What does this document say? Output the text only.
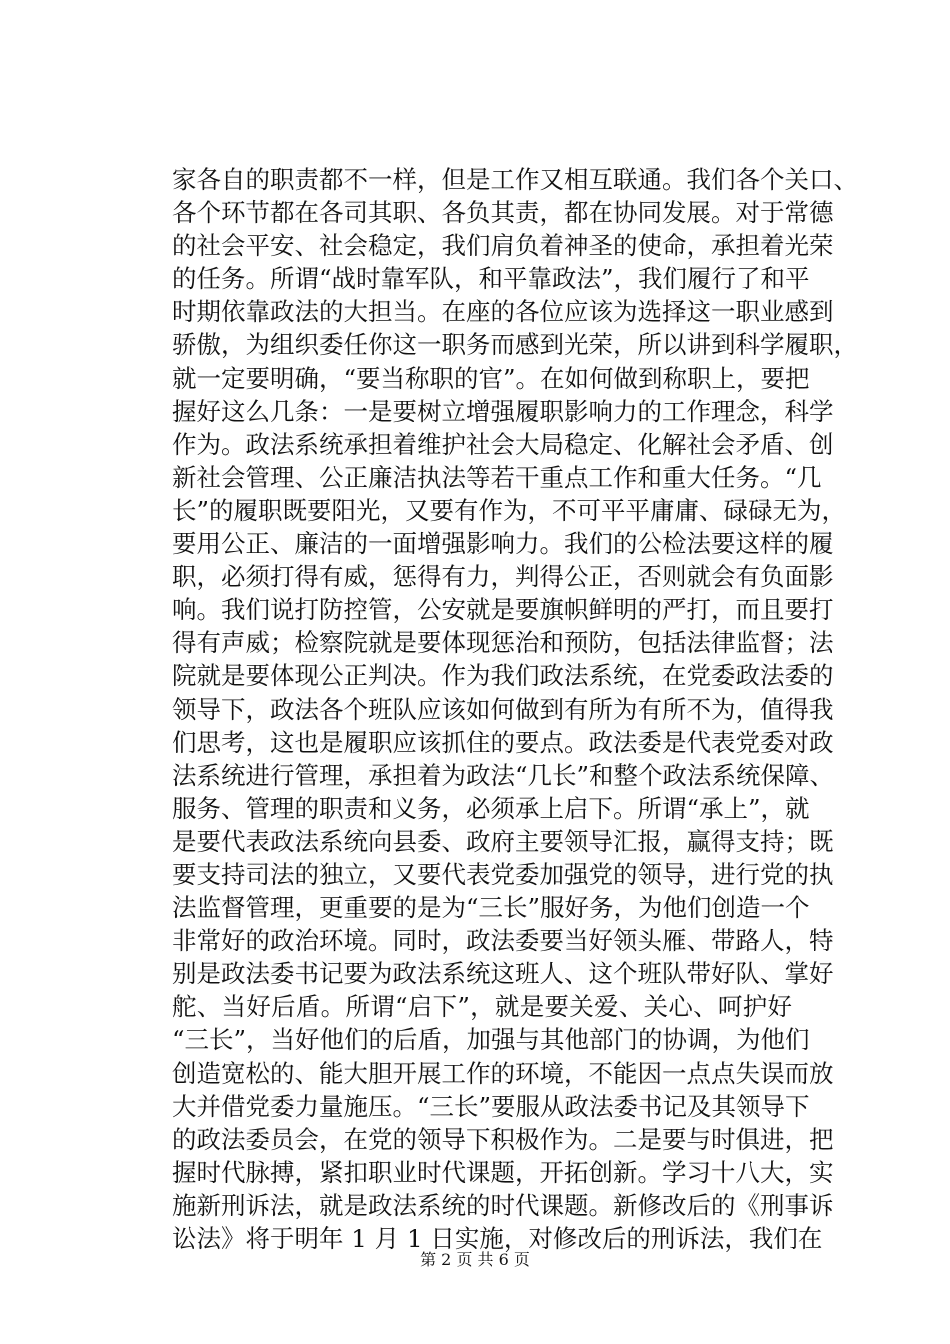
家各自的职责都不一样，但是工作又相互联通。我们各个关口、
各个环节都在各司其职、各负其责，都在协同发展。对于常德
的社会平安、社会稳定，我们肩负着神圣的使命，承担着光荣
的任务。所谓“战时靠军队，和平靠政法”，我们履行了和平
时期依靠政法的大担当。在座的各位应该为选择这一职业感到
骄傲，为组织委任你这一职务而感到光荣，所以讲到科学履职，
就一定要明确，“要当称职的官”。在如何做到称职上，要把
握好这么几条：一是要树立增强履职影响力的工作理念，科学
作为。政法系统承担着维护社会大局稳定、化解社会矛盾、创
新社会管理、公正廉洁执法等若干重点工作和重大任务。“几
长”的履职既要阳光，又要有作为，不可平平庸庸、碌碌无为，
要用公正、廉洁的一面增强影响力。我们的公检法要这样的履
职，必须打得有威，惩得有力，判得公正，否则就会有负面影
响。我们说打防控管，公安就是要旗帜鲜明的严打，而且要打
得有声威；检察院就是要体现惩治和预防，包括法律监督；法
院就是要体现公正判决。作为我们政法系统，在党委政法委的
领导下，政法各个班队应该如何做到有所为有所不为，值得我
们思考，这也是履职应该抓住的要点。政法委是代表党委对政
法系统进行管理，承担着为政法“几长”和整个政法系统保障、
服务、管理的职责和义务，必须承上启下。所谓“承上”，就
是要代表政法系统向县委、政府主要领导汇报，赢得支持；既
要支持司法的独立，又要代表党委加强党的领导，进行党的执
法监督管理，更重要的是为“三长”服好务，为他们创造一个
非常好的政治环境。同时，政法委要当好领头雁、带路人，特
别是政法委书记要为政法系统这班人、这个班队带好队、掌好
舵、当好后盾。所谓“启下”，就是要关爱、关心、呵护好
“三长”，当好他们的后盾，加强与其他部门的协调，为他们
创造宽松的、能大胆开展工作的环境，不能因一点点失误而放
大并借党委力量施压。“三长”要服从政法委书记及其领导下
的政法委员会，在党的领导下积极作为。二是要与时俱进，把
握时代脉搏，紧扣职业时代课题，开拓创新。学习十八大，实
施新刑诉法，就是政法系统的时代课题。新修改后的《刑事诉
讼法》将于明年 1 月 1 日实施，对修改后的刑诉法，我们在
第 2 页 共 6 页
